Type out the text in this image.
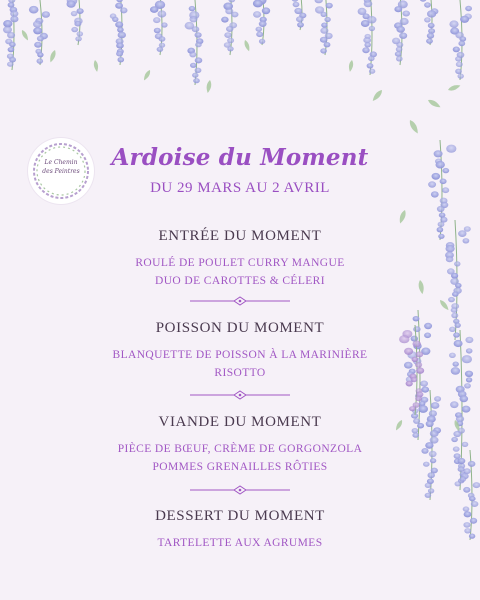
Le Chemin
des Peintres
Ardoise du Moment
DU 29 MARS AU 2 AVRIL
ENTRÉE DU MOMENT
ROULÉ DE POULET CURRY MANGUE
DUO DE CAROTTES & CÉLERI
POISSON DU MOMENT
BLANQUETTE DE POISSON À LA MARINIÈRE
RISOTTO
VIANDE DU MOMENT
PIÈCE DE BŒUF, CRÈME DE GORGONZOLA
POMMES GRENAILLES RÔTIES
DESSERT DU MOMENT
TARTELETTE AUX AGRUMES
